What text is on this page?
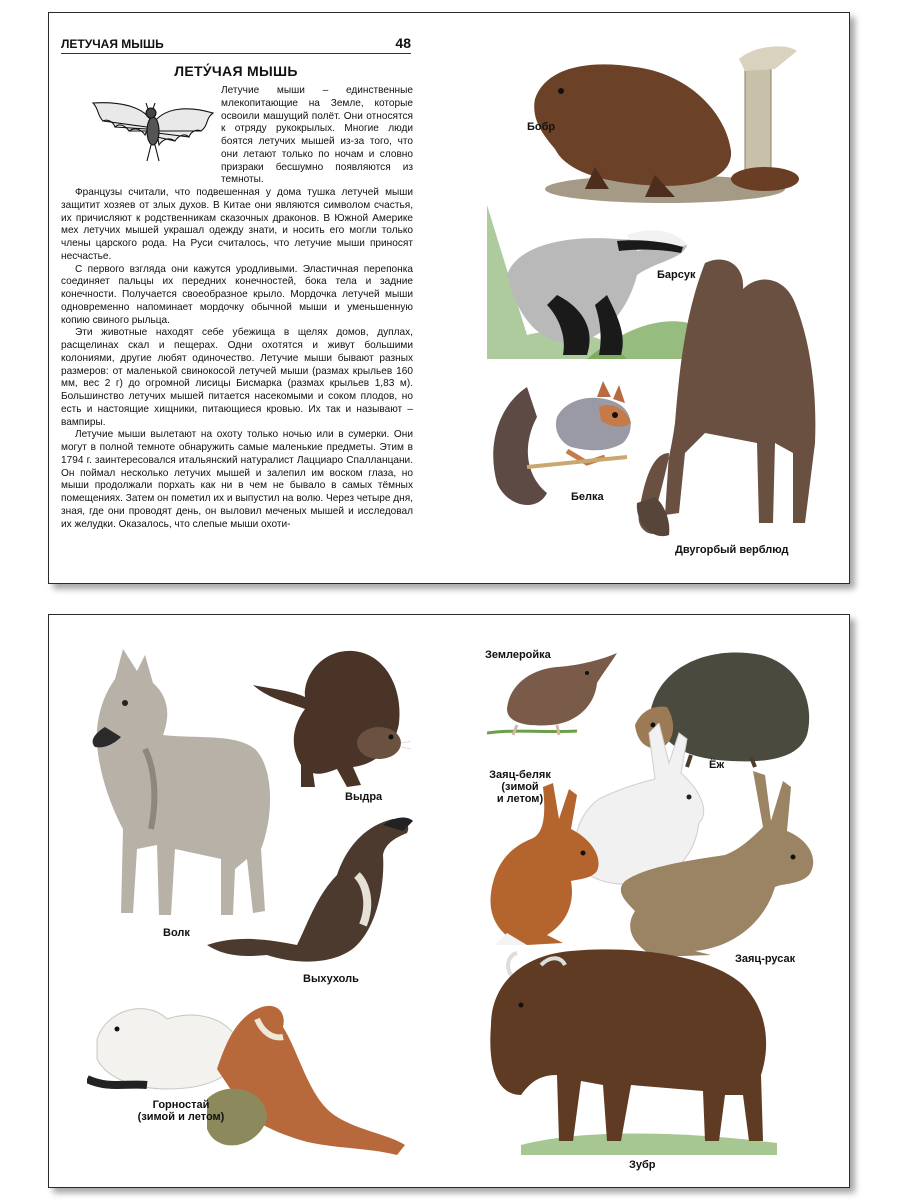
ЛЕТУЧАЯ МЫШЬ	48
ЛЕТУ́ЧАЯ МЫШЬ

Летучие мыши – единственные млекопитающие на Земле, которые освоили машущий полёт. Они относятся к отряду рукокрылых. Многие люди боятся летучих мышей из-за того, что они летают только по ночам и словно призраки бесшумно появляются из темноты.

Французы считали, что подвешенная у дома тушка летучей мыши защитит хозяев от злых духов. В Китае они являются символом счастья, их причисляют к родственникам сказочных драконов. В Южной Америке мех летучих мышей украшал одежду знати, и носить его могли только члены царского рода. На Руси считалось, что летучие мыши приносят несчастье.

С первого взгляда они кажутся уродливыми. Эластичная перепонка соединяет пальцы их передних конечностей, бока тела и задние конечности. Получается своеобразное крыло. Мордочка летучей мыши одновременно напоминает мордочку обычной мыши и уменьшенную копию свиного рыльца.

Эти животные находят себе убежища в щелях домов, дуплах, расщелинах скал и пещерах. Одни охотятся и живут большими колониями, другие любят одиночество. Летучие мыши бывают разных размеров: от маленькой свинокосой летучей мыши (размах крыльев 160 мм, вес 2 г) до огромной лисицы Бисмарка (размах крыльев 1,83 м). Большинство летучих мышей питается насекомыми и соком плодов, но есть и настоящие хищники, питающиеся кровью. Их так и называют – вампиры.

Летучие мыши вылетают на охоту только ночью или в сумерки. Они могут в полной темноте обнаружить самые маленькие предметы. Этим в 1794 г. заинтересовался итальянский натуралист Лацциаро Спалланцани. Он поймал несколько летучих мышей и залепил им воском глаза, но мыши продолжали порхать как ни в чем не бывало в самых тёмных помещениях. Затем он пометил их и выпустил на волю. Через четыре дня, зная, где они проводят день, он выловил меченых мышей и исследовал их желудки. Оказалось, что слепые мыши охоти-

Бобр
Барсук
Белка
Двугорбый верблюд
Волк
Выдра
Выхухоль
Горностай
(зимой и летом)
Землеройка
Ёж
Заяц-беляк
(зимой
и летом)
Заяц-русак
Зубр
